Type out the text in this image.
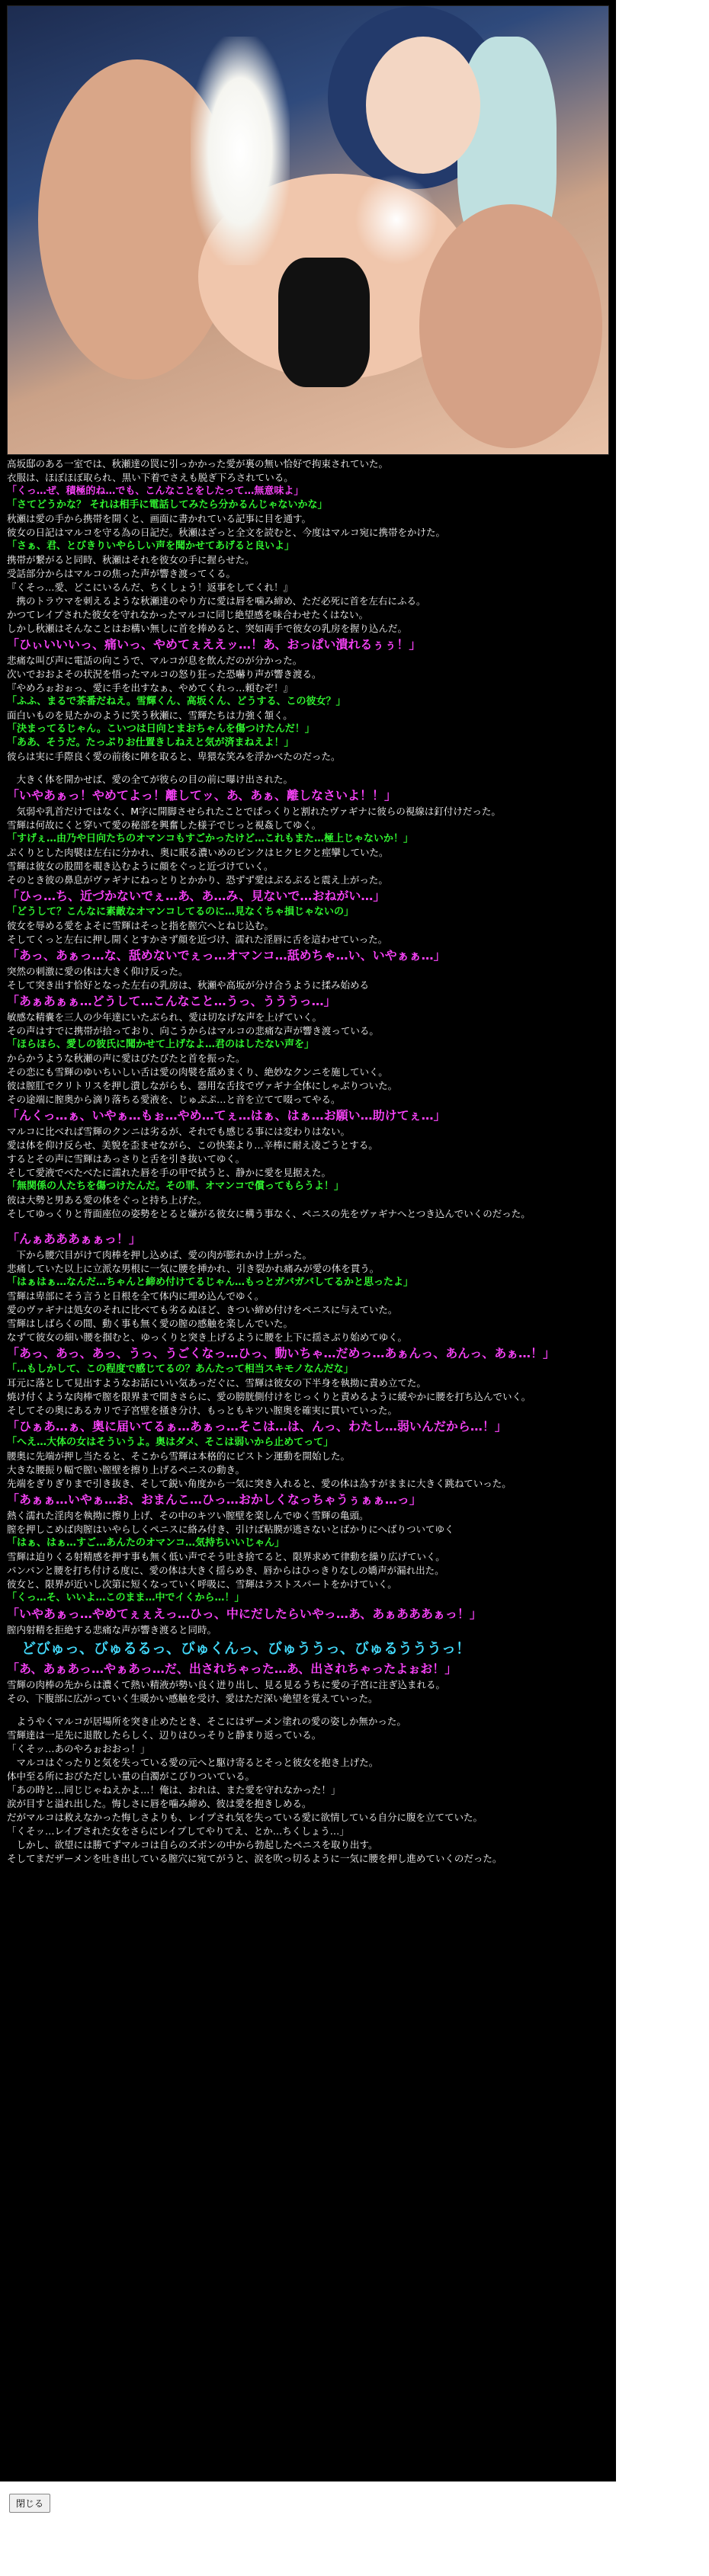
高坂邸のある一室では、秋瀬達の罠に引っかかった愛が裏の無い恰好で拘束されていた。
衣服は、ほぼほぼ取られ、黒い下着でさえも脱ぎ下ろされている。
「くっ…ぜ、積極的ね…でも、こんなことをしたって…無意味よ」
「さてどうかな？ それは相手に電話してみたら分かるんじゃないかな」
秋瀬は愛の手から携帯を開くと、画面に書かれている記事に目を通す。
彼女の日記はマルコを守る為の日記だ。秋瀬はざっと全文を読むと、今度はマルコ宛に携帯をかけた。
「さぁ、君、とびきりいやらしい声を聞かせてあげると良いよ」
携帯が繋がると同時、秋瀬はそれを彼女の手に握らせた。
受話部分からはマルコの焦った声が響き渡ってくる。
『くそっ…愛、どこにいるんだ、ちくしょう！返事をしてくれ！』
　携のトラウマを刺えるような秋瀬達のやり方に愛は唇を噛み締め、ただ必死に首を左右にふる。
かつてレイプされた彼女を守れなかったマルコに同じ絶望感を味合わせたくはない。
しかし秋瀬はそんなことはお構い無しに首を捧めると、突如両手で彼女の乳房を握り込んだ。
「ひぃいいいっ、痛いっ、やめてぇええッ…！あ、おっぱい潰れるぅぅ！」
悲痛な叫び声に電話の向こうで、マルコが息を飲んだのが分かった。
次いでおおよその状況を悟ったマルコの怒り狂った恐嚇り声が響き渡る。
『やめろぉおぉっ、愛に手を出すなぁ、やめてくれっ…頼むぞ！』
「ふふ、まるで茶番だねえ。雪輝くん、高坂くん、どうする、この彼女？」
面白いものを見たかのように笑う秋瀬に、雪輝たちは力強く頷く。
「決まってるじゃん。こいつは日向とまおちゃんを傷つけたんだ！」
「ああ、そうだ。たっぷりお仕置きしねえと気が済まねえよ！」
彼らは実に手際良く愛の前後に陣を取ると、卑猥な笑みを浮かべたのだった。
　大きく体を開かせば、愛の全てが彼らの目の前に曝け出された。
「いやあぁっ！やめてよっ！離してッ、あ、あぁ、離しなさいよ！！」
　気弱や乳首だけではなく、M字に開脚させられたことでぱっくりと割れたヴァギナに彼らの視線は釘付けだった。
雪輝は何故にくと穿いて愛の秘部を興奮した様子でじっと視姦してゆく。
「すげぇ…由乃や日向たちのオマンコもすごかったけど…これもまた…極上じゃないか！」
ぷくりとした肉襞は左右に分かれ、奥に眠る濃いめのピンクはヒクヒクと痙攣していた。
雪輝は彼女の股間を覗き込むように顔をぐっと近づけていく。
そのとき彼の鼻息がヴァギナにねっとりとかかり、恐ずず愛はぶるぶると震え上がった。
「ひっ…ち、近づかないでぇ…あ、あ…み、見ないで…おねがい…」
「どうして？こんなに素敵なオマンコしてるのに…見なくちゃ損じゃないの」
彼女を辱める愛をよそに雪輝はそっと指を膣穴へとねじ込む。
そしてくっと左右に押し開くとすかさず顔を近づけ、濡れた淫唇に舌を這わせていった。
「あっ、あぁっ…な、舐めないでぇっ…オマンコ…舐めちゃ…い、いやぁぁ…」
突然の刺激に愛の体は大きく仰け反った。
そして突き出す恰好となった左右の乳房は、秋瀬や高坂が分け合うように揉み始める
「あぁあぁぁ…どうして…こんなこと…うっ、うううっ…」
敏感な精嚢を三人の少年達にいたぶられ、愛は切なげな声を上げていく。
その声はすでに携帯が拾っており、向こうからはマルコの悲痛な声が響き渡っている。
「ほらほら、愛しの彼氏に聞かせて上げなよ…君のはしたない声を」
からかうような秋瀬の声に愛はびたびたと首を振った。
その恋にも雪輝のゆいちいしい舌は愛の肉襞を舐めまくり、絶妙なクンニを施していく。
彼は膣肛でクリトリスを押し潰しながらも、器用な舌技でヴァギナ全体にしゃぶりついた。
その途端に膣奥から滴り落ちる愛液を、じゅぷぷ…と音を立てて啜ってやる。
「んくっ…ぁ、いやぁ…もぉ…やめ…てぇ…はぁ、はぁ…お願い…助けてぇ…」
マルコに比べれば雪輝のクンニは劣るが、それでも感じる事には変わりはない。
愛は体を仰け反らせ、美貌を歪ませながら、この快楽より…辛棒に耐え凌ごうとする。
するとその声に雪輝はあっさりと舌を引き抜いてゆく。
そして愛液でべたべたに濡れた唇を手の甲で拭うと、静かに愛を見据えた。
「無関係の人たちを傷つけたんだ。その罪、オマンコで償ってもらうよ！」
彼は大勢と男ある愛の体をぐっと持ち上げた。
そしてゆっくりと背面座位の姿勢をとると嫌がる彼女に構う事なく、ペニスの先をヴァギナへとつき込んでいくのだった。
「んぁあああぁぁっ！」
　下から腰穴目がけて肉棒を押し込めば、愛の肉が膨れかけ上がった。
悲痛していた以上に立派な男根に一気に腰を挿かれ、引き裂かれ痛みが愛の体を貫う。
「はぁはぁ…なんだ…ちゃんと締め付けてるじゃん…もっとガバガバしてるかと思ったよ」
雪輝は卑部にそう言うと日根を全て体内に埋め込んでゆく。
愛のヴァギナは処女のそれに比べても劣るぬほど、きつい締め付けをペニスに与えていた。
雪輝はしばらくの間、動く事も無く愛の膣の感触を楽しんでいた。
なずて彼女の細い腰を掴むと、ゆっくりと突き上げるように腰を上下に揺さぶり始めてゆく。
「あっ、あっ、あっ、うっ、うごくなっ…ひっ、動いちゃ…だめっ…あぁんっ、あんっ、あぁ…！」
「…もしかして、この程度で感じてるの？あんたって相当スキモノなんだな」
耳元に落として見出すようなお話にいい気あっだぐに、雪輝は彼女の下半身を執拗に責め立てた。
焼け付くような肉棒で膣を限界まで開きさらに、愛の膀胱側付けをじっくりと責めるように緩やかに腰を打ち込んでいく。
そしてその奥にあるカリで子宮壁を掻き分け、もっともキツい膣奥を確実に貫いていった。
「ひぁあ…ぁ、奥に届いてるぁ…あぁっ…そこは…は、んっ、わたし…弱いんだから…！」
「へえ…大体の女はそういうよ。奥はダメ、そこは弱いから止めてって」
腰奥に先端が押し当たると、そこから雪輝は本格的にピストン運動を開始した。
大きな腰振り幅で膣い膣壁を擦り上げるペニスの動き。
先端をぎりぎりまで引き抜き、そして鋭い角度から一気に突き入れると、愛の体は為すがままに大きく跳ねていった。
「あぁぁ…いやぁ…お、おまんこ…ひっ…おかしくなっちゃうぅぁぁ…っ」
熱く濡れた淫肉を執拗に擦り上げ、その中のキツい膣壁を楽しんでゆく雪輝の亀頭。
膣を押しこめば肉膣はいやらしくペニスに絡み付き、引けば粘膜が逃さないとばかりにへばりついてゆく
「はぁ、はぁ…すご…あんたのオマンコ…気持ちいいじゃん」
雪輝は迫りくる射精感を押す事も無く低い声でそう吐き捨てると、限界求めて律動を繰り広げていく。
パンパンと腰を打ち付ける度に、愛の体は大きく揺らめき、唇からはひっきりなしの嬌声が漏れ出た。
彼女と、限界が近いし次第に短くなっていく呼吸に、雪輝はラストスパートをかけていく。
「くっ…そ、いいよ…このまま…中でイくから…！」
「いやあぁっ…やめてぇぇえっ…ひっ、中にだしたらいやっ…あ、あぁあああぁっ！」
膣内射精を拒絶する悲痛な声が響き渡ると同時。
　どびゅっ、びゅるるっ、びゅくんっ、びゅううっ、びゅるうううっ！
「あ、あぁあっ…やぁあっ…だ、出されちゃった…あ、出されちゃったよぉお！」
雪輝の肉棒の先からは濃くて熱い精液が勢い良く迸り出し、見る見るうちに愛の子宮に注ぎ込まれる。
その、下腹部に広がっていく生暖かい感触を受け、愛はただ深い絶望を覚えていった。
　ようやくマルコが居場所を突き止めたとき、そこにはザーメン塗れの愛の姿しか無かった。
雪輝達は一足先に退散したらしく、辺りはひっそりと静まり返っている。
「くそッ…あのやろぉおおっ！」
　マルコはぐったりと気を失っている愛の元へと駆け寄るとそっと彼女を抱き上げた。
体中至る所におびただしい量の白濁がこびりついている。
「あの時と…同じじゃねえかよ…！俺は、おれは、また愛を守れなかった！」
涙が目すと溢れ出した。悔しさに唇を噛み締め、彼は愛を抱きしめる。
だがマルコは救えなかった悔しさよりも、レイプされ気を失っている愛に欲情している自分に腹を立てていた。
「くそッ…レイプされた女をさらにレイプしてやりてえ、とか…ちくしょう…」
　しかし、欲望には勝てずマルコは自らのズボンの中から勃起したペニスを取り出す。
そしてまだザーメンを吐き出している膣穴に宛てがうと、涙を吹っ切るように一気に腰を押し進めていくのだった。
閉じる
